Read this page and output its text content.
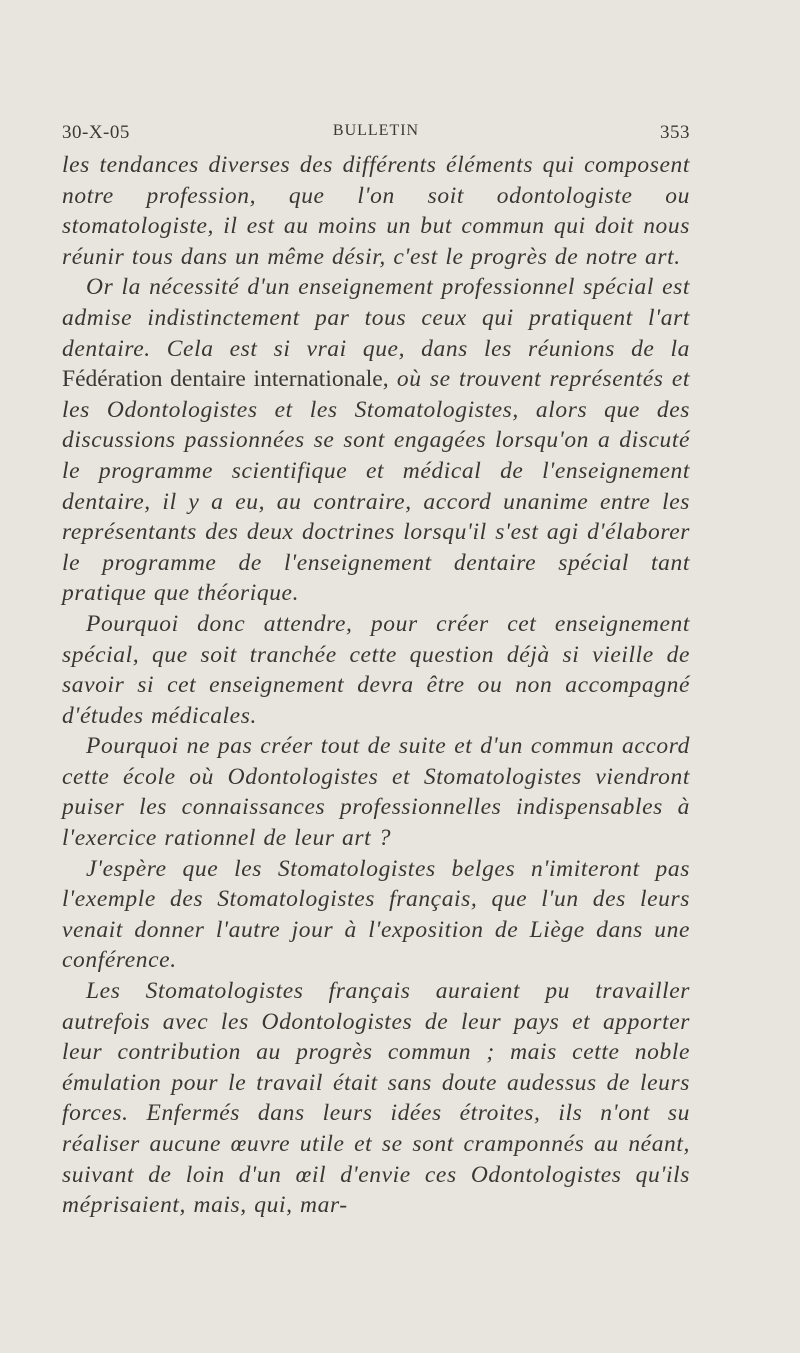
30-X-05	BULLETIN	353

les tendances diverses des différents éléments qui composent notre profession, que l'on soit odontologiste ou stomatologiste, il est au moins un but commun qui doit nous réunir tous dans un même désir, c'est le progrès de notre art.

Or la nécessité d'un enseignement professionnel spécial est admise indistinctement par tous ceux qui pratiquent l'art dentaire. Cela est si vrai que, dans les réunions de la Fédération dentaire internationale, où se trouvent représentés et les Odontologistes et les Stomatologistes, alors que des discussions passionnées se sont engagées lorsqu'on a discuté le programme scientifique et médical de l'enseignement dentaire, il y a eu, au contraire, accord unanime entre les représentants des deux doctrines lorsqu'il s'est agi d'élaborer le programme de l'enseignement dentaire spécial tant pratique que théorique.

Pourquoi donc attendre, pour créer cet enseignement spécial, que soit tranchée cette question déjà si vieille de savoir si cet enseignement devra être ou non accompagné d'études médicales.

Pourquoi ne pas créer tout de suite et d'un commun accord cette école où Odontologistes et Stomatologistes viendront puiser les connaissances professionnelles indispensables à l'exercice rationnel de leur art ?

J'espère que les Stomatologistes belges n'imiteront pas l'exemple des Stomatologistes français, que l'un des leurs venait donner l'autre jour à l'exposition de Liège dans une conférence.

Les Stomatologistes français auraient pu travailler autrefois avec les Odontologistes de leur pays et apporter leur contribution au progrès commun ; mais cette noble émulation pour le travail était sans doute audessus de leurs forces. Enfermés dans leurs idées étroites, ils n'ont su réaliser aucune œuvre utile et se sont cramponnés au néant, suivant de loin d'un œil d'envie ces Odontologistes qu'ils méprisaient, mais, qui, mar-
